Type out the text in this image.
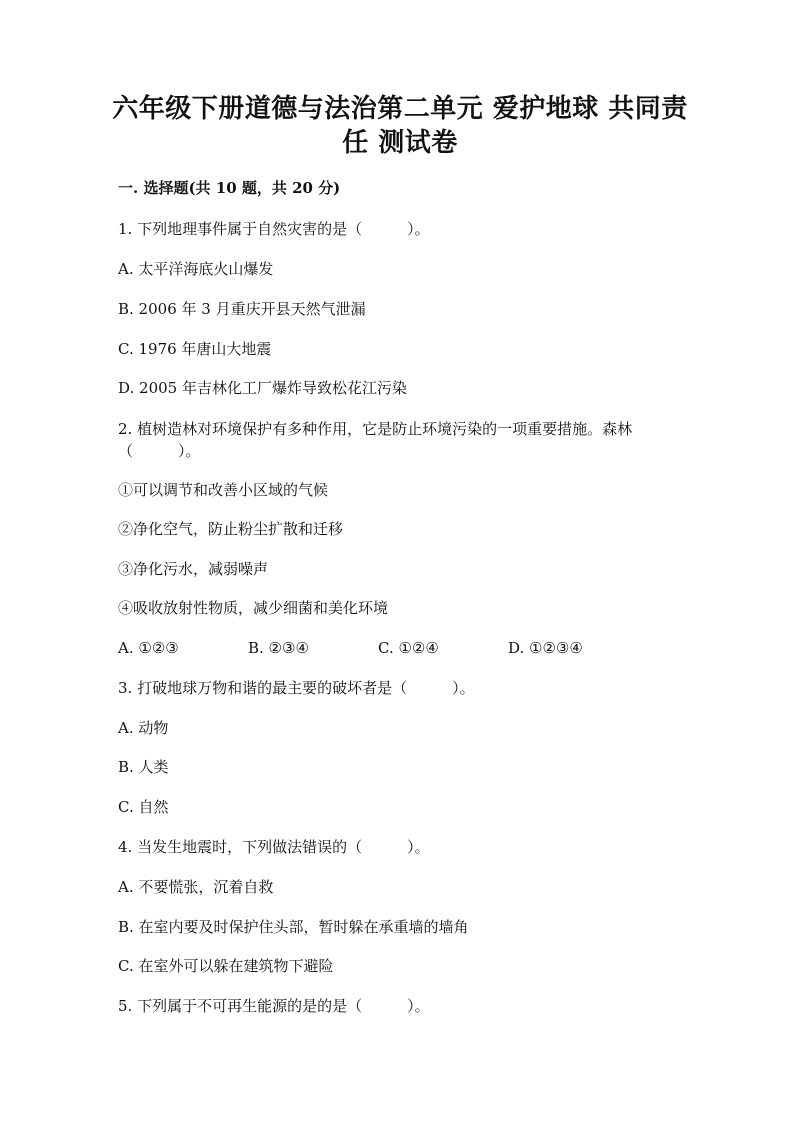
六年级下册道德与法治第二单元 爱护地球 共同责
任 测试卷
一. 选择题(共 10 题，共 20 分)
1. 下列地理事件属于自然灾害的是（　　　）。
A. 太平洋海底火山爆发
B. 2006 年 3 月重庆开县天然气泄漏
C. 1976 年唐山大地震
D. 2005 年吉林化工厂爆炸导致松花江污染
2. 植树造林对环境保护有多种作用，它是防止环境污染的一项重要措施。森林
（　　　）。
①可以调节和改善小区域的气候
②净化空气，防止粉尘扩散和迁移
③净化污水，减弱噪声
④吸收放射性物质，减少细菌和美化环境
A. ①②③	B. ②③④	C. ①②④	D. ①②③④
3. 打破地球万物和谐的最主要的破坏者是（　　　）。
A. 动物
B. 人类
C. 自然
4. 当发生地震时，下列做法错误的（　　　）。
A. 不要慌张，沉着自救
B. 在室内要及时保护住头部，暂时躲在承重墙的墙角
C. 在室外可以躲在建筑物下避险
5. 下列属于不可再生能源的是的是（　　　）。
